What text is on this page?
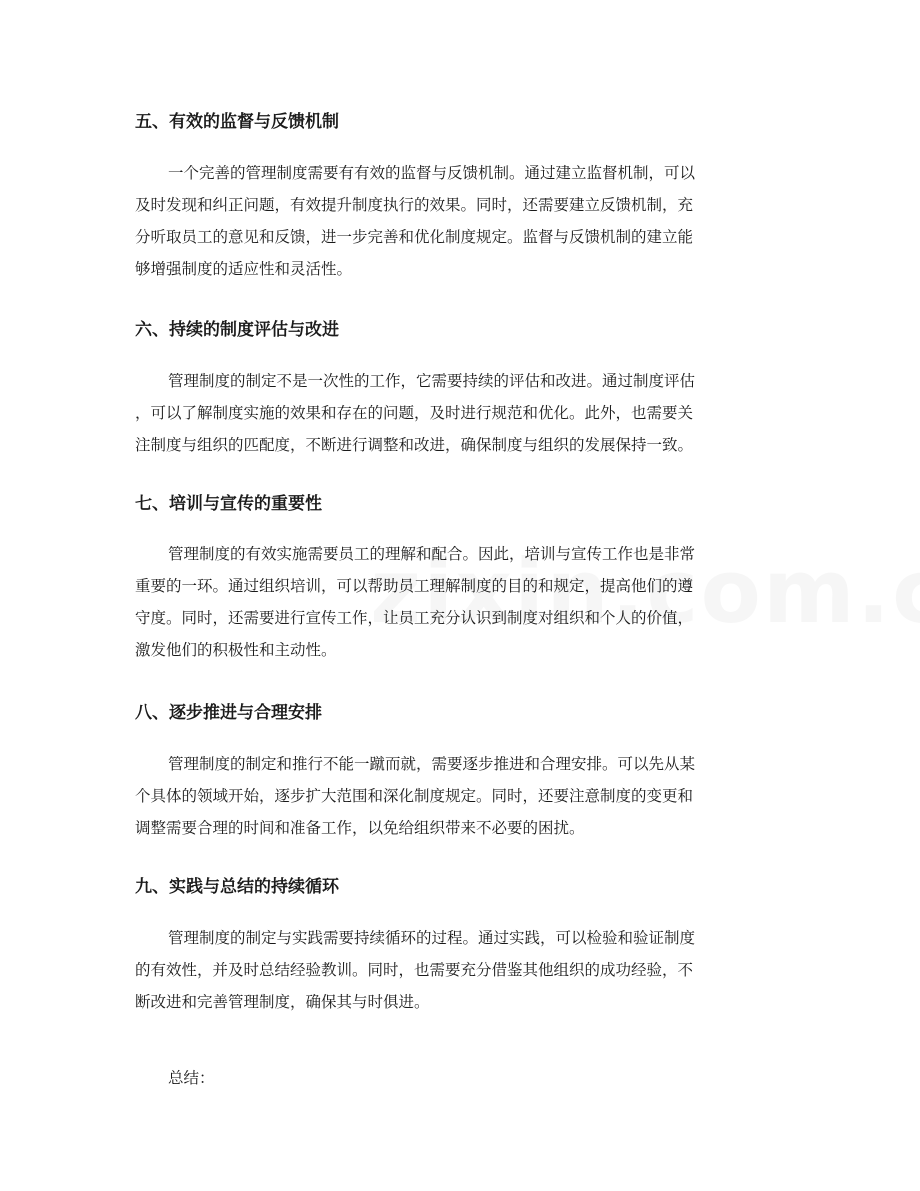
五、有效的监督与反馈机制
一个完善的管理制度需要有有效的监督与反馈机制。通过建立监督机制，可以
及时发现和纠正问题，有效提升制度执行的效果。同时，还需要建立反馈机制，充
分听取员工的意见和反馈，进一步完善和优化制度规定。监督与反馈机制的建立能
够增强制度的适应性和灵活性。
六、持续的制度评估与改进
管理制度的制定不是一次性的工作，它需要持续的评估和改进。通过制度评估
，可以了解制度实施的效果和存在的问题，及时进行规范和优化。此外，也需要关
注制度与组织的匹配度，不断进行调整和改进，确保制度与组织的发展保持一致。
七、培训与宣传的重要性
管理制度的有效实施需要员工的理解和配合。因此，培训与宣传工作也是非常
重要的一环。通过组织培训，可以帮助员工理解制度的目的和规定，提高他们的遵
守度。同时，还需要进行宣传工作，让员工充分认识到制度对组织和个人的价值，
激发他们的积极性和主动性。
八、逐步推进与合理安排
管理制度的制定和推行不能一蹴而就，需要逐步推进和合理安排。可以先从某
个具体的领域开始，逐步扩大范围和深化制度规定。同时，还要注意制度的变更和
调整需要合理的时间和准备工作，以免给组织带来不必要的困扰。
九、实践与总结的持续循环
管理制度的制定与实践需要持续循环的过程。通过实践，可以检验和验证制度
的有效性，并及时总结经验教训。同时，也需要充分借鉴其他组织的成功经验，不
断改进和完善管理制度，确保其与时俱进。
总结：
